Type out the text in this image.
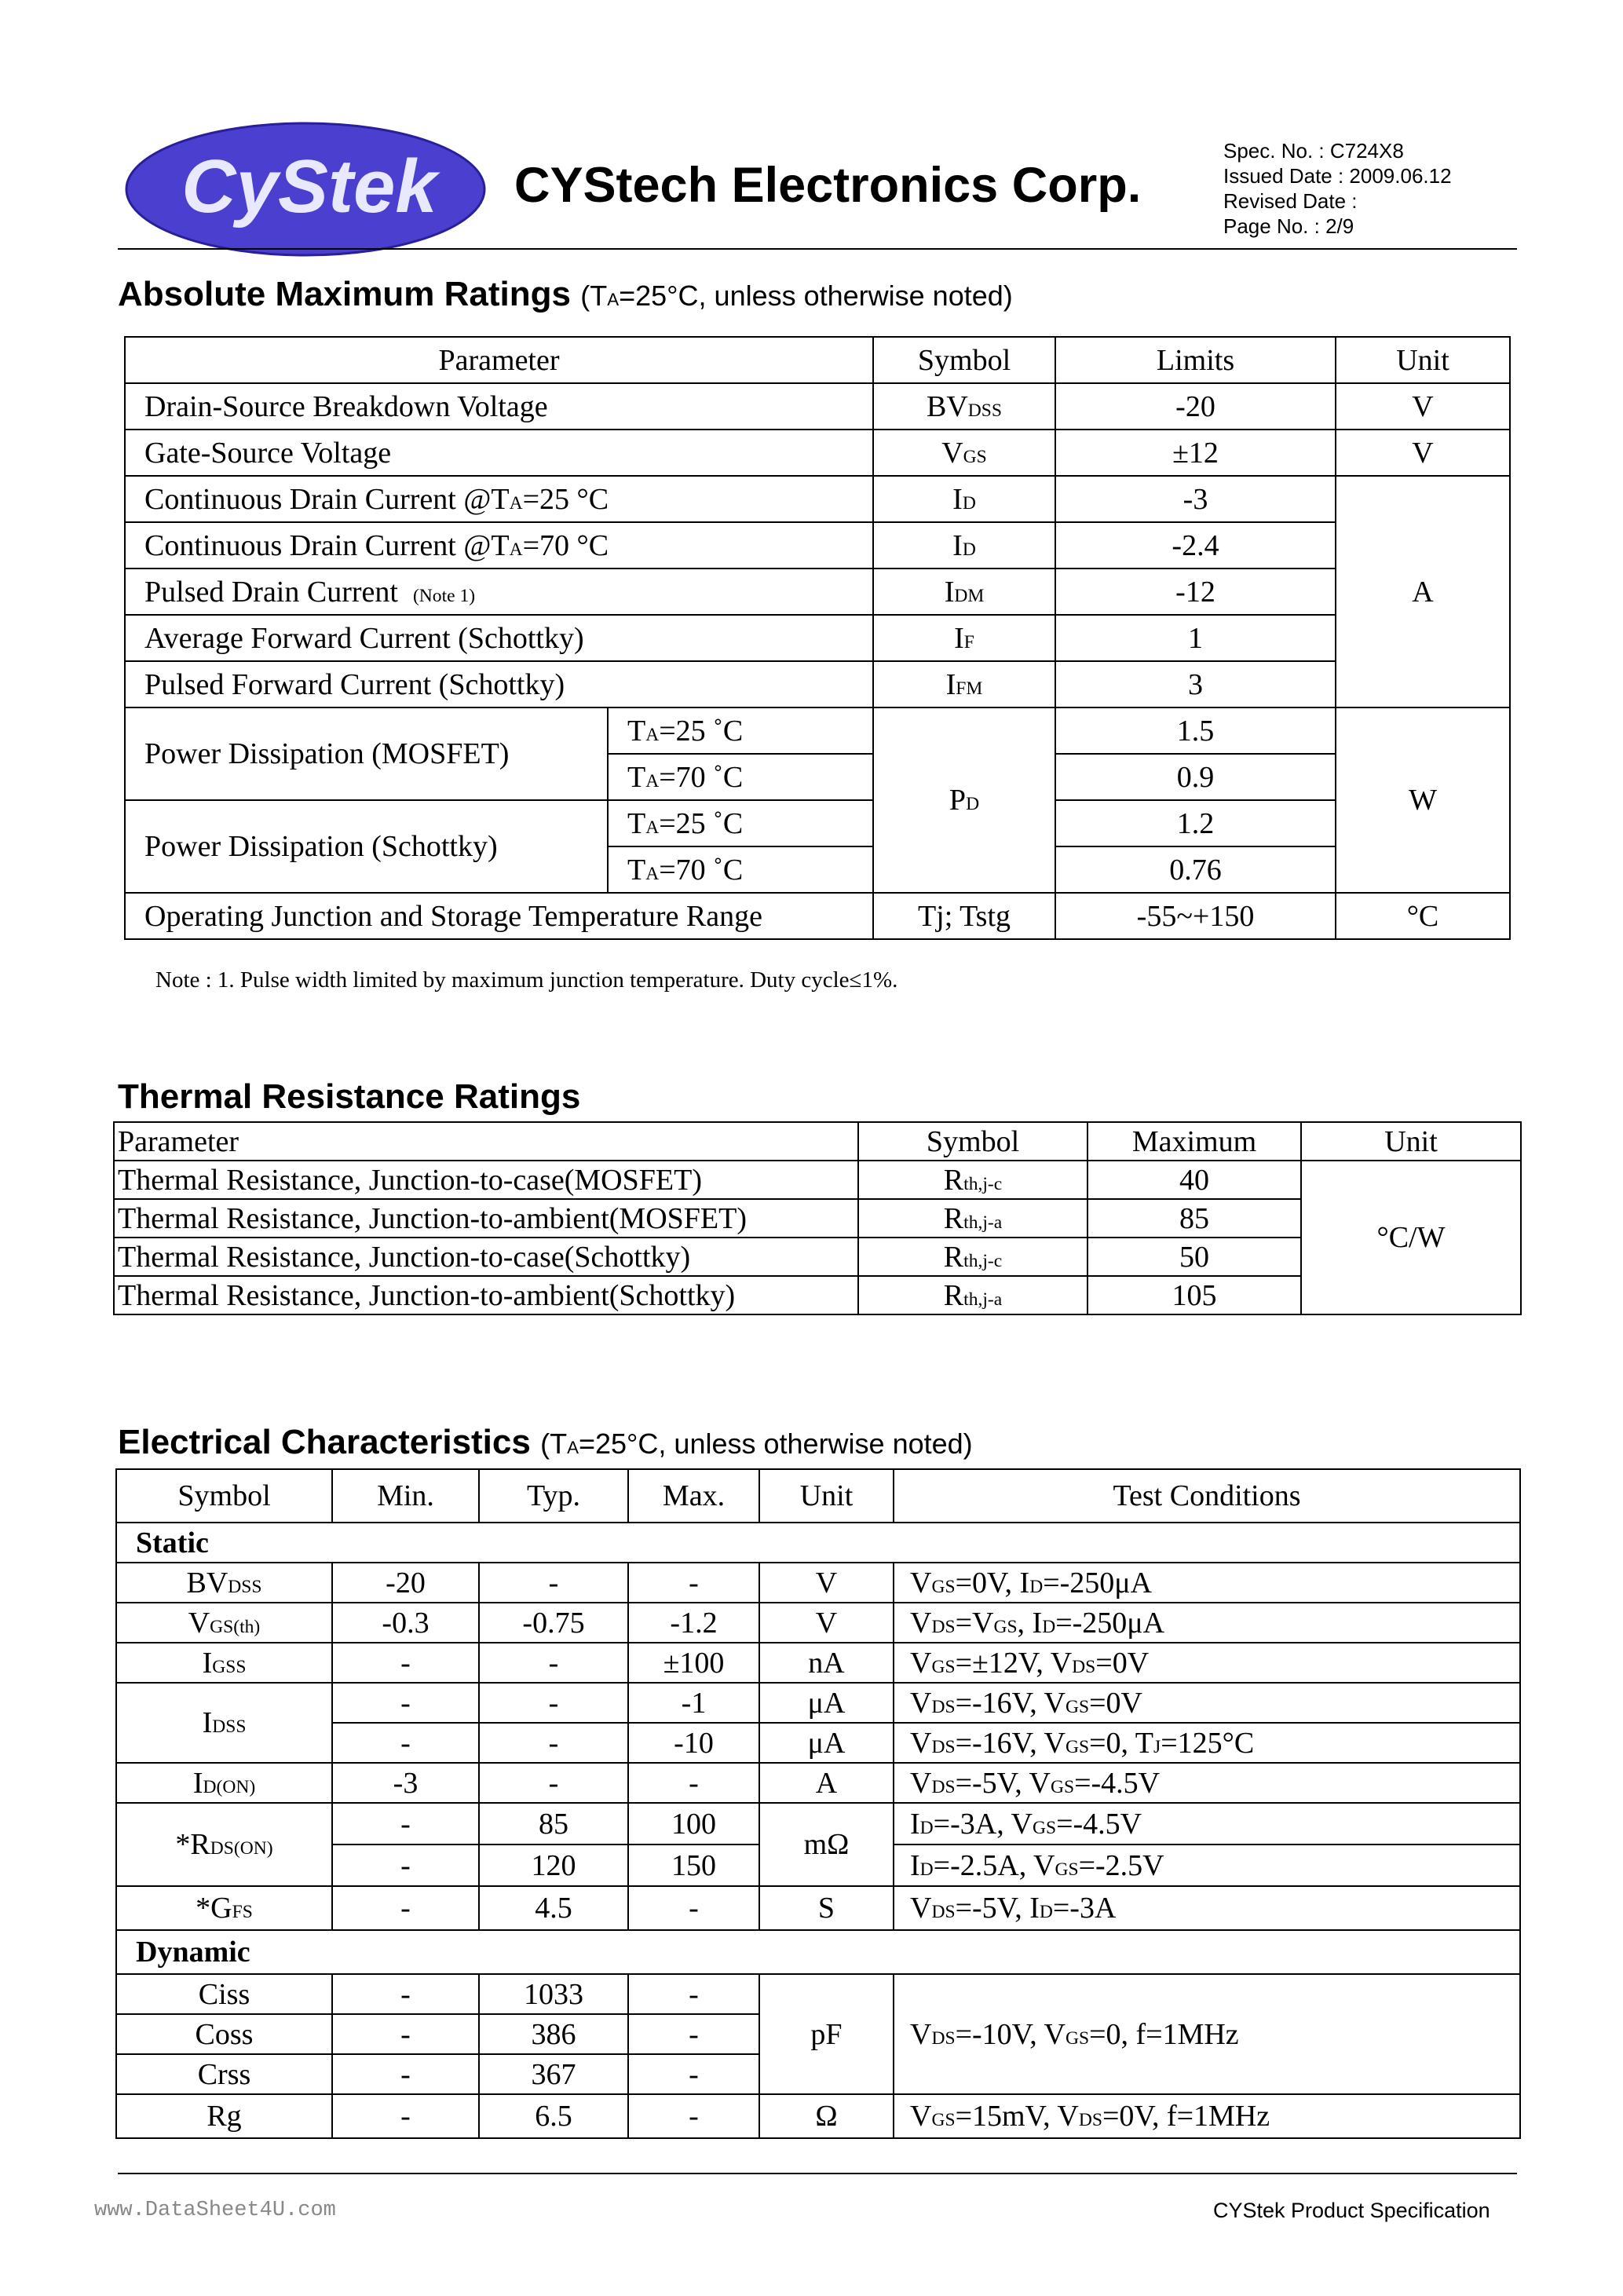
CyStek CYStech Electronics Corp.
Spec. No. : C724X8
Issued Date : 2009.06.12
Revised Date :
Page No. : 2/9
Absolute Maximum Ratings (TA=25°C, unless otherwise noted)
Parameter		Symbol	Limits	Unit
Drain-Source Breakdown Voltage		BVDSS	-20	V
Gate-Source Voltage		VGS	±12	V
Continuous Drain Current @TA=25 °C		ID	-3	A
Continuous Drain Current @TA=70 °C		ID	-2.4	
Pulsed Drain Current (Note 1)		IDM	-12	
Average Forward Current (Schottky)		IF	1	
Pulsed Forward Current (Schottky)		IFM	3	
Power Dissipation (MOSFET)	TA=25 ˚C	PD	1.5	W
	TA=70 ˚C		0.9	
Power Dissipation (Schottky)	TA=25 ˚C		1.2	
	TA=70 ˚C		0.76	
Operating Junction and Storage Temperature Range		Tj; Tstg	-55~+150	°C
Note : 1. Pulse width limited by maximum junction temperature. Duty cycle≤1%.
Thermal Resistance Ratings
Parameter	Symbol	Maximum	Unit
Thermal Resistance, Junction-to-case(MOSFET)	Rth,j-c	40	°C/W
Thermal Resistance, Junction-to-ambient(MOSFET)	Rth,j-a	85	
Thermal Resistance, Junction-to-case(Schottky)	Rth,j-c	50	
Thermal Resistance, Junction-to-ambient(Schottky)	Rth,j-a	105	
Electrical Characteristics (TA=25°C, unless otherwise noted)
Symbol	Min.	Typ.	Max.	Unit	Test Conditions
Static					
BVDSS	-20	-	-	V	VGS=0V, ID=-250μA
VGS(th)	-0.3	-0.75	-1.2	V	VDS=VGS, ID=-250μA
IGSS	-	-	±100	nA	VGS=±12V, VDS=0V
IDSS	-	-	-1	μA	VDS=-16V, VGS=0V
	-	-	-10	μA	VDS=-16V, VGS=0, TJ=125°C
ID(ON)	-3	-	-	A	VDS=-5V, VGS=-4.5V
*RDS(ON)	-	85	100	mΩ	ID=-3A, VGS=-4.5V
	-	120	150		ID=-2.5A, VGS=-2.5V
*GFS	-	4.5	-	S	VDS=-5V, ID=-3A
Dynamic					
Ciss	-	1033	-	pF	VDS=-10V, VGS=0, f=1MHz
Coss	-	386	-		
Crss	-	367	-		
Rg	-	6.5	-	Ω	VGS=15mV, VDS=0V, f=1MHz
www.DataSheet4U.com	CYStek Product Specification
